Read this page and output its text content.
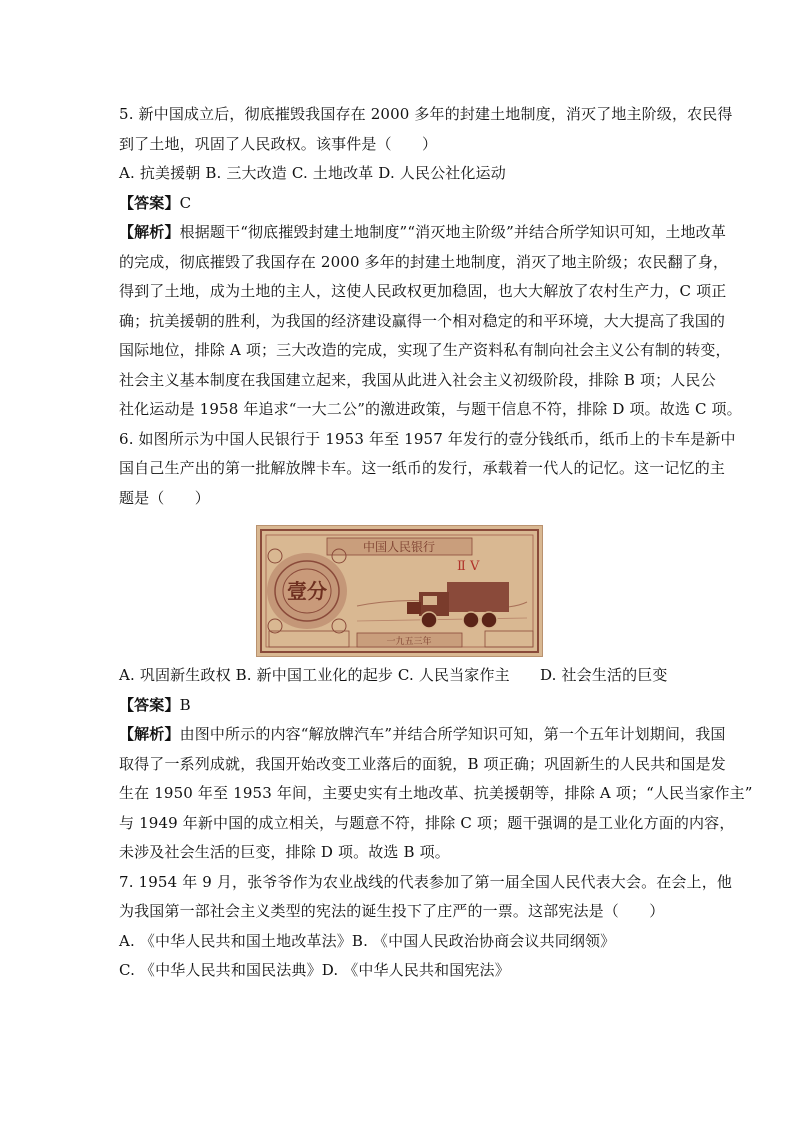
5. 新中国成立后，彻底摧毁我国存在 2000 多年的封建土地制度，消灭了地主阶级，农民得
到了土地，巩固了人民政权。该事件是（　　）
A. 抗美援朝 B. 三大改造 C. 土地改革 D. 人民公社化运动
【答案】C
【解析】根据题干“彻底摧毁封建土地制度”“消灭地主阶级”并结合所学知识可知，土地改革
的完成，彻底摧毁了我国存在 2000 多年的封建土地制度，消灭了地主阶级；农民翻了身，
得到了土地，成为土地的主人，这使人民政权更加稳固，也大大解放了农村生产力，C 项正
确；抗美援朝的胜利，为我国的经济建设赢得一个相对稳定的和平环境，大大提高了我国的
国际地位，排除 A 项；三大改造的完成，实现了生产资料私有制向社会主义公有制的转变，
社会主义基本制度在我国建立起来，我国从此进入社会主义初级阶段，排除 B 项；人民公
社化运动是 1958 年追求“一大二公”的激进政策，与题干信息不符，排除 D 项。故选 C 项。
6. 如图所示为中国人民银行于 1953 年至 1957 年发行的壹分钱纸币，纸币上的卡车是新中
国自己生产出的第一批解放牌卡车。这一纸币的发行，承载着一代人的记忆。这一记忆的主
题是（　　）
中国人民银行
Ⅱ Ⅴ
壹分
一九五三年
A. 巩固新生政权 B. 新中国工业化的起步 C. 人民当家作主　　D. 社会生活的巨变
【答案】B
【解析】由图中所示的内容“解放牌汽车”并结合所学知识可知，第一个五年计划期间，我国
取得了一系列成就，我国开始改变工业落后的面貌，B 项正确；巩固新生的人民共和国是发
生在 1950 年至 1953 年间，主要史实有土地改革、抗美援朝等，排除 A 项；“人民当家作主”
与 1949 年新中国的成立相关，与题意不符，排除 C 项；题干强调的是工业化方面的内容，
未涉及社会生活的巨变，排除 D 项。故选 B 项。
7. 1954 年 9 月，张爷爷作为农业战线的代表参加了第一届全国人民代表大会。在会上，他
为我国第一部社会主义类型的宪法的诞生投下了庄严的一票。这部宪法是（　　）
A. 《中华人民共和国土地改革法》B. 《中国人民政治协商会议共同纲领》
C. 《中华人民共和国民法典》D. 《中华人民共和国宪法》
